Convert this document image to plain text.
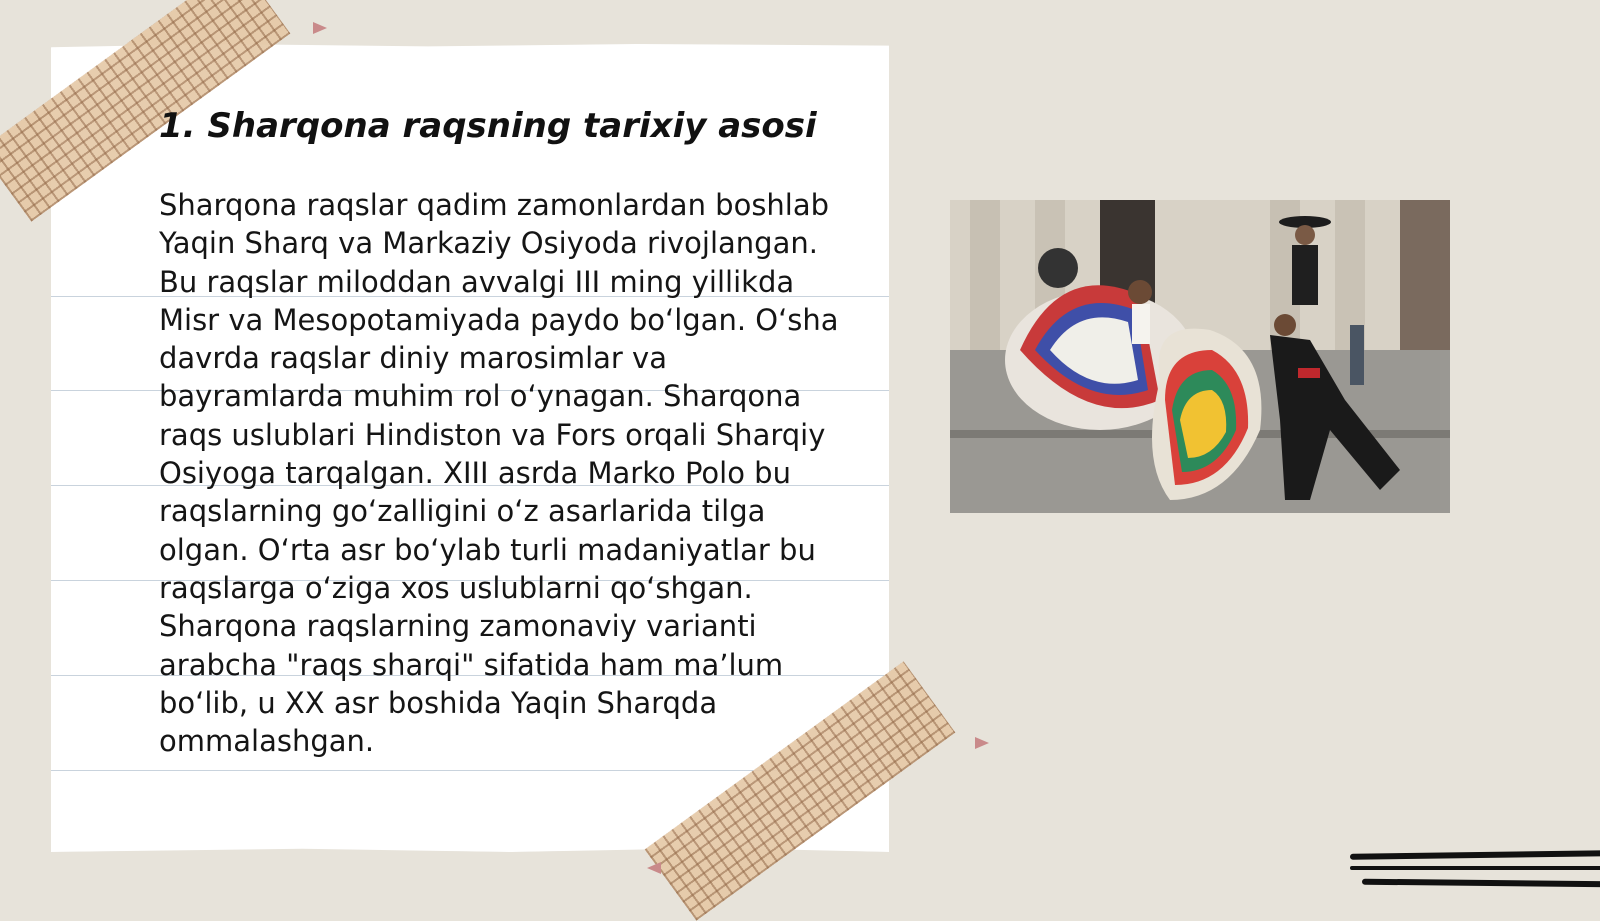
1. Sharqona raqsning tarixiy asosi

Sharqona raqslar qadim zamonlardan boshlab Yaqin Sharq va Markaziy Osiyoda rivojlangan. Bu raqslar miloddan avvalgi III ming yillikda Misr va Mesopotamiyada paydo boʻlgan. Oʻsha davrda raqslar diniy marosimlar va bayramlarda muhim rol oʻynagan. Sharqona raqs uslublari Hindiston va Fors orqali Sharqiy Osiyoga tarqalgan. XIII asrda Marko Polo bu raqslarning goʻzalligini oʻz asarlarida tilga olgan. Oʻrta asr boʻylab turli madaniyatlar bu raqslarga oʻziga xos uslublarni qoʻshgan. Sharqona raqslarning zamonaviy varianti arabcha "raqs sharqi" sifatida ham maʼlum boʻlib, u XX asr boshida Yaqin Sharqda ommalashgan.
